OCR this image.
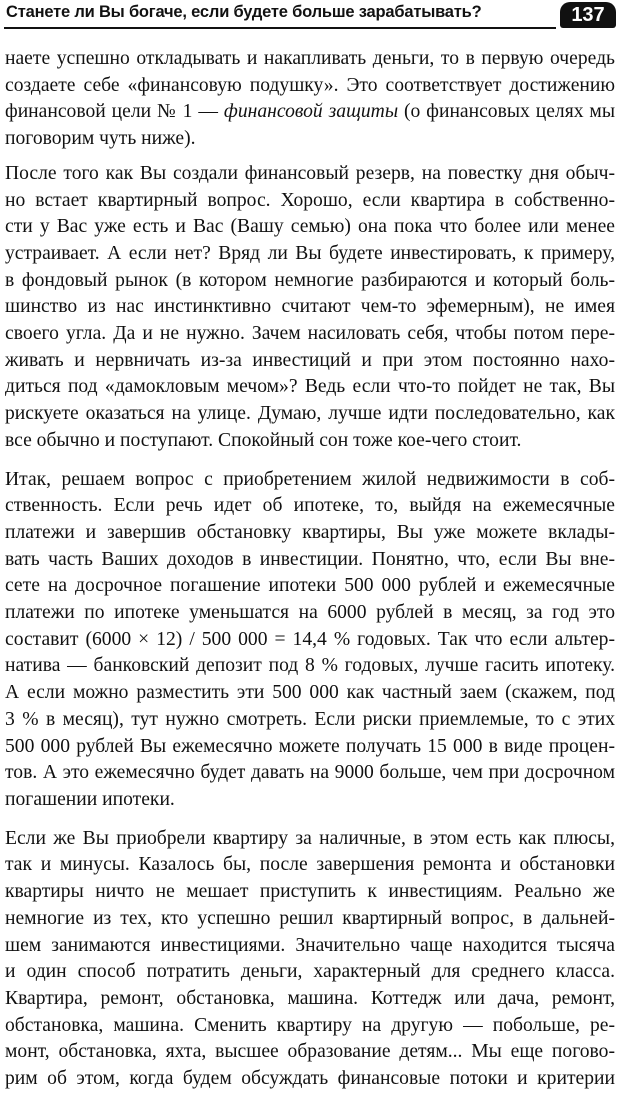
Станете ли Вы богаче, если будете больше зарабатывать?	137
наете успешно откладывать и накапливать деньги, то в первую очередь
создаете себе «финансовую подушку». Это соответствует достижению
финансовой цели № 1 — финансовой защиты (о финансовых целях мы
поговорим чуть ниже).
После того как Вы создали финансовый резерв, на повестку дня обыч-
но встает квартирный вопрос. Хорошо, если квартира в собственно-
сти у Вас уже есть и Вас (Вашу семью) она пока что более или менее
устраивает. А если нет? Вряд ли Вы будете инвестировать, к примеру,
в фондовый рынок (в котором немногие разбираются и который боль-
шинство из нас инстинктивно считают чем-то эфемерным), не имея
своего угла. Да и не нужно. Зачем насиловать себя, чтобы потом пере-
живать и нервничать из-за инвестиций и при этом постоянно нахо-
диться под «дамокловым мечом»? Ведь если что-то пойдет не так, Вы
рискуете оказаться на улице. Думаю, лучше идти последовательно, как
все обычно и поступают. Спокойный сон тоже кое-чего стоит.
Итак, решаем вопрос с приобретением жилой недвижимости в соб-
ственность. Если речь идет об ипотеке, то, выйдя на ежемесячные
платежи и завершив обстановку квартиры, Вы уже можете вклады-
вать часть Ваших доходов в инвестиции. Понятно, что, если Вы вне-
сете на досрочное погашение ипотеки 500 000 рублей и ежемесячные
платежи по ипотеке уменьшатся на 6000 рублей в месяц, за год это
составит (6000 × 12) / 500 000 = 14,4 % годовых. Так что если альтер-
натива — банковский депозит под 8 % годовых, лучше гасить ипотеку.
А если можно разместить эти 500 000 как частный заем (скажем, под
3 % в месяц), тут нужно смотреть. Если риски приемлемые, то с этих
500 000 рублей Вы ежемесячно можете получать 15 000 в виде процен-
тов. А это ежемесячно будет давать на 9000 больше, чем при досрочном
погашении ипотеки.
Если же Вы приобрели квартиру за наличные, в этом есть как плюсы,
так и минусы. Казалось бы, после завершения ремонта и обстановки
квартиры ничто не мешает приступить к инвестициям. Реально же
немногие из тех, кто успешно решил квартирный вопрос, в дальней-
шем занимаются инвестициями. Значительно чаще находится тысяча
и один способ потратить деньги, характерный для среднего класса.
Квартира, ремонт, обстановка, машина. Коттедж или дача, ремонт,
обстановка, машина. Сменить квартиру на другую — побольше, ре-
монт, обстановка, яхта, высшее образование детям... Мы еще погово-
рим об этом, когда будем обсуждать финансовые потоки и критерии
